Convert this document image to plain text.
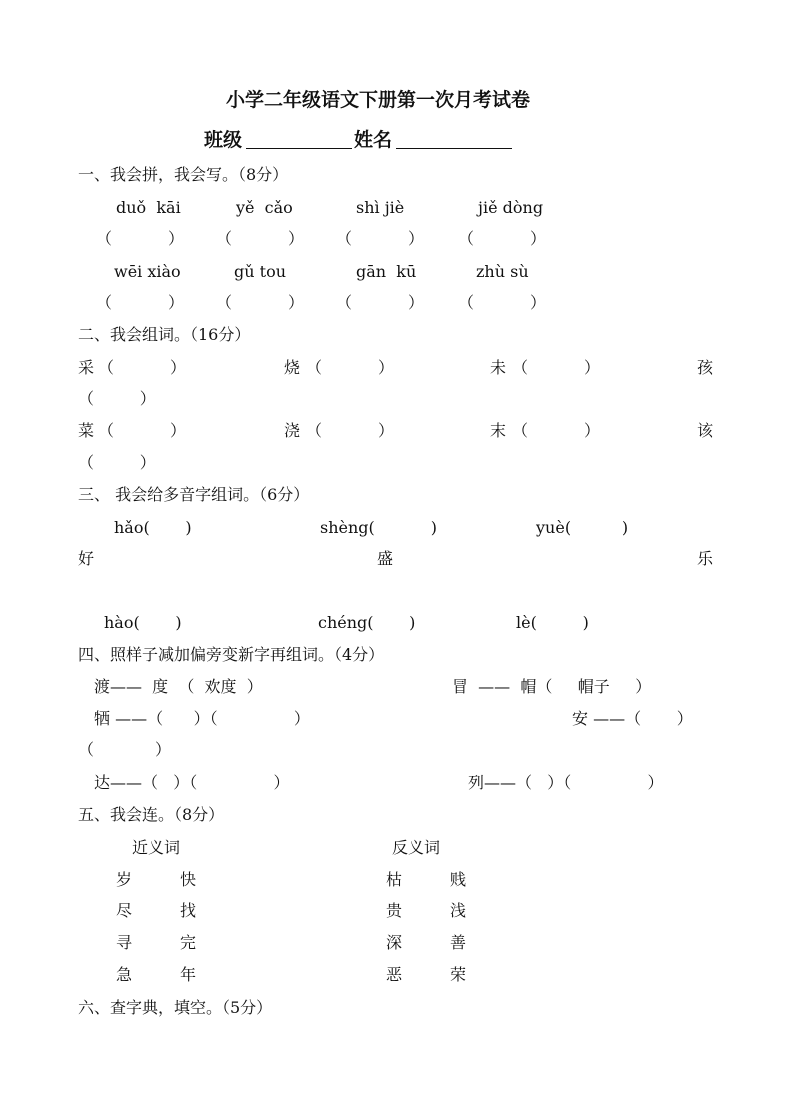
小学二年级语文下册第一次月考试卷
班级	姓名
一、我会拼，我会写。（8分）
duǒ  kāi	yě  cǎo	shì jiè	jiě dòng
（           ） （           ） （           ） （           ）
wēi xiào	gǔ tou	gān  kū	zhù sù
（           ） （           ） （           ） （           ）
二、我会组词。（16分）
采 （           ）	烧 （           ）	未 （           ）	孩
（         ）
菜 （           ）	浇 （           ）	末 （           ）	该
（         ）
三、 我会给多音字组词。（6分）
hǎo(       )	shèng(           )	yuè(          )
好	盛	乐
hào(       )	chéng(       )	lè(         )
四、照样子减加偏旁变新字再组词。（4分）
渡——  度  （  欢度  ）	冒  ——  帽（     帽子     ）
牺 ——（      ）（               ）	安 ——（       ）
（            ）
达——（   ）（               ）	列——（   ）（               ）
五、我会连。（8分）
近义词	反义词
岁	快	枯	贱
尽	找	贵	浅
寻	完	深	善
急	年	恶	荣
六、查字典，填空。（5分）
